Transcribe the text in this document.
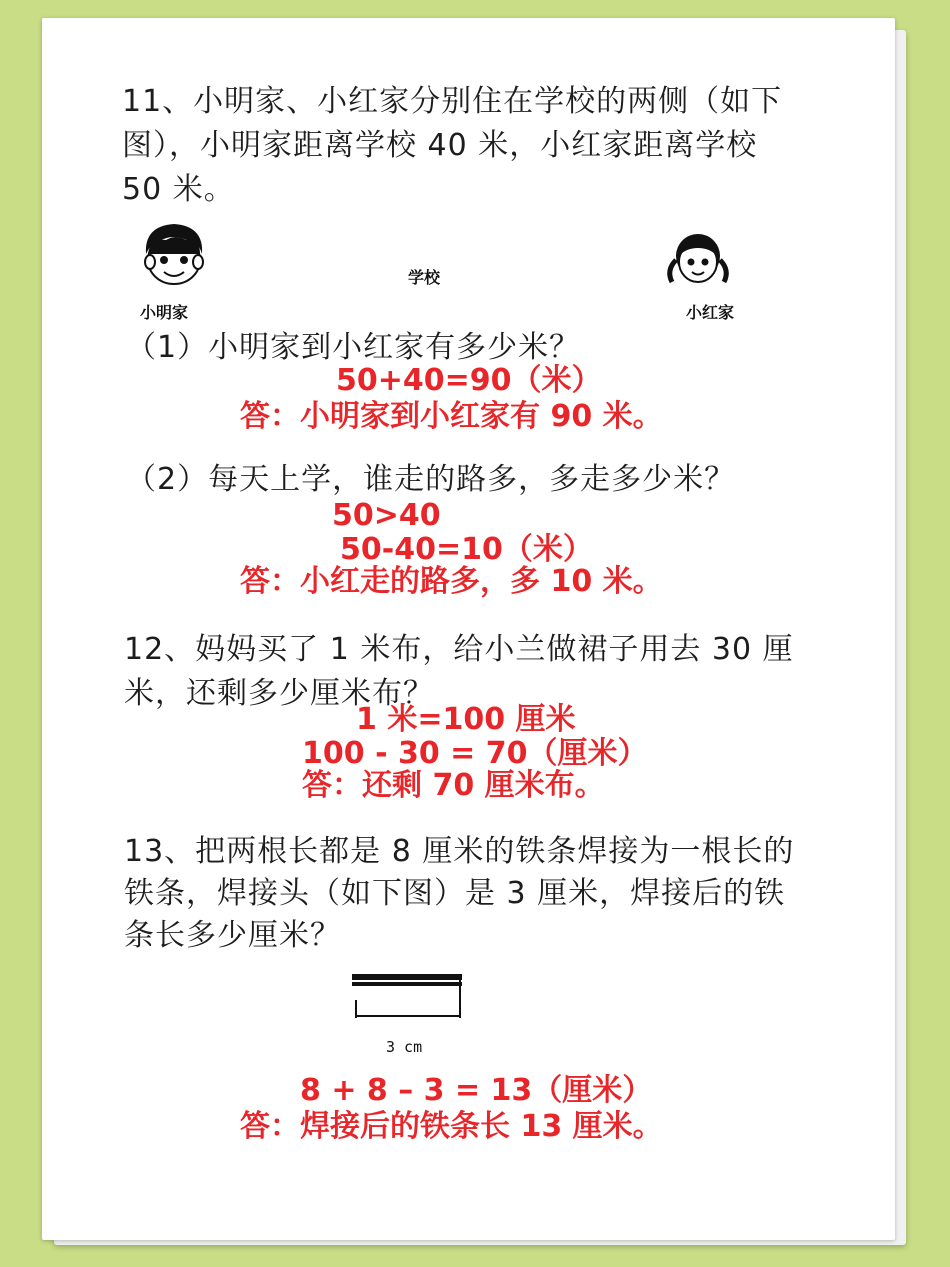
11、小明家、小红家分别住在学校的两侧（如下
图），小明家距离学校 40 米，小红家距离学校
50 米。
小明家
学校
小红家
（1）小明家到小红家有多少米？
50+40=90（米）
答：小明家到小红家有 90 米。
（2）每天上学，谁走的路多，多走多少米？
50>40
50-40=10（米）
答：小红走的路多，多 10 米。
12、妈妈买了 1 米布，给小兰做裙子用去 30 厘
米，还剩多少厘米布？
1 米=100 厘米
100 - 30 = 70（厘米）
答：还剩 70 厘米布。
13、把两根长都是 8 厘米的铁条焊接为一根长的
铁条，焊接头（如下图）是 3 厘米，焊接后的铁
条长多少厘米？
3 cm
8 + 8 – 3 = 13（厘米）
答：焊接后的铁条长 13 厘米。
